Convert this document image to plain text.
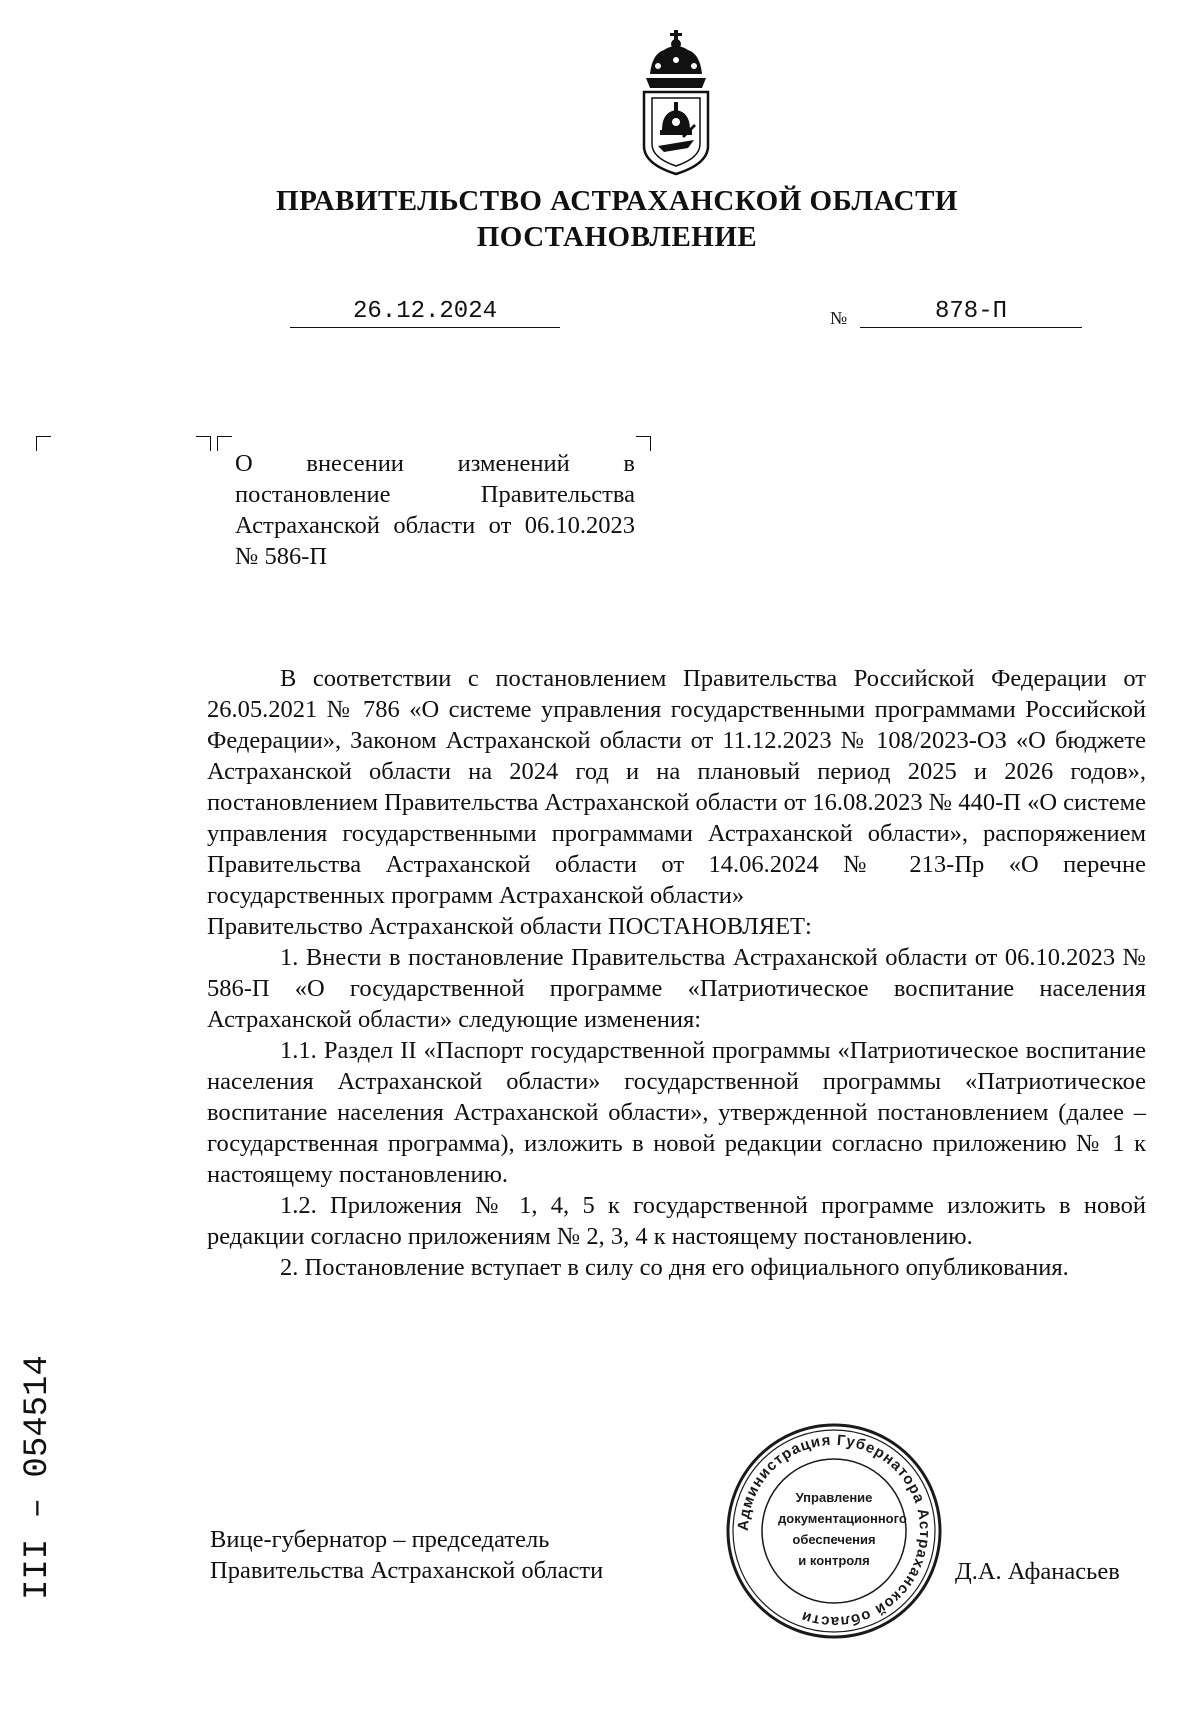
ПРАВИТЕЛЬСТВО АСТРАХАНСКОЙ ОБЛАСТИ
ПОСТАНОВЛЕНИЕ
26.12.2024	№	878-П
О внесении изменений в постановление Правительства Астраханской области от 06.10.2023 № 586-П

В соответствии с постановлением Правительства Российской Федерации от 26.05.2021 № 786 «О системе управления государственными программами Российской Федерации», Законом Астраханской области от 11.12.2023 № 108/2023-ОЗ «О бюджете Астраханской области на 2024 год и на плановый период 2025 и 2026 годов», постановлением Правительства Астраханской области от 16.08.2023 № 440-П «О системе управления государственными программами Астраханской области», распоряжением Правительства Астраханской области от 14.06.2024 № 213-Пр «О перечне государственных программ Астраханской области»

Правительство Астраханской области ПОСТАНОВЛЯЕТ:

1. Внести в постановление Правительства Астраханской области от 06.10.2023 № 586-П «О государственной программе «Патриотическое воспитание населения Астраханской области» следующие изменения:

1.1. Раздел II «Паспорт государственной программы «Патриотическое воспитание населения Астраханской области» государственной программы «Патриотическое воспитание населения Астраханской области», утвержденной постановлением (далее – государственная программа), изложить в новой редакции согласно приложению № 1 к настоящему постановлению.

1.2. Приложения № 1, 4, 5 к государственной программе изложить в новой редакции согласно приложениям № 2, 3, 4 к настоящему постановлению.

2. Постановление вступает в силу со дня его официального опубликования.

III – 054514	Вице-губернатор – председатель
Правительства Астраханской области	Д.А. Афанасьев
Администрация Губернатора Астраханской области
Управление
документационного
обеспечения
и контроля
